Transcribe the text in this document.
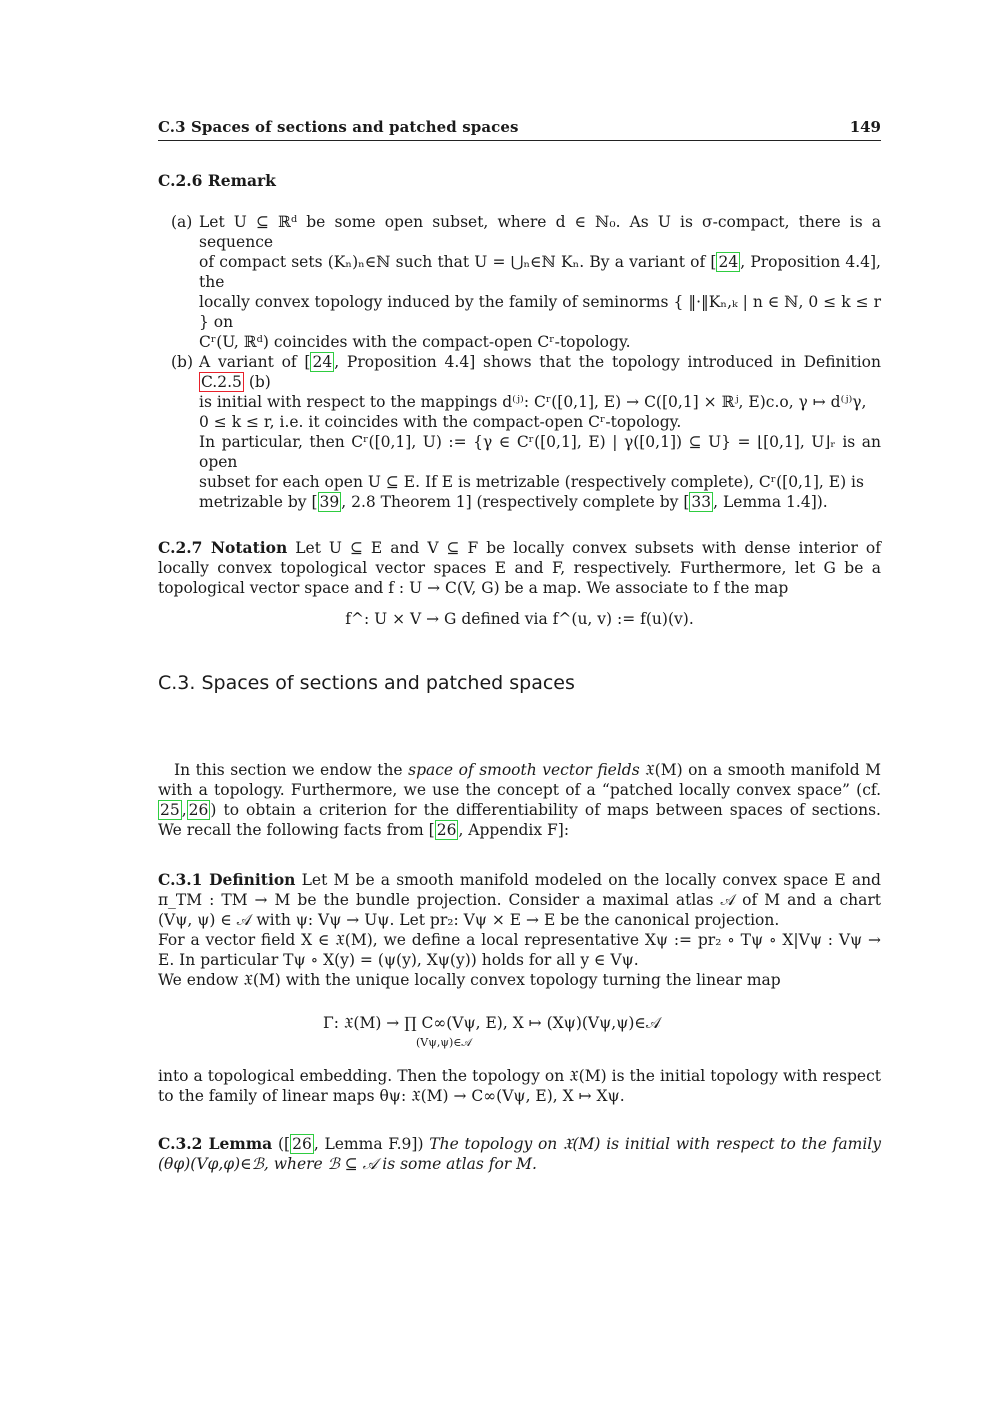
C.3 Spaces of sections and patched spaces	149
C.2.6 Remark
(a) Let U ⊆ ℝᵈ be some open subset, where d ∈ ℕ₀. As U is σ-compact, there is a sequence
of compact sets (Kₙ)ₙ∈ℕ such that U = ⋃ₙ∈ℕ Kₙ. By a variant of [ 24 , Proposition 4.4], the
locally convex topology induced by the family of seminorms { ‖·‖Kₙ,ₖ | n ∈ ℕ, 0 ≤ k ≤ r } on
Cʳ(U, ℝᵈ) coincides with the compact-open Cʳ-topology.
(b) A variant of [ 24 , Proposition 4.4] shows that the topology introduced in Definition C.2.5 (b)
is initial with respect to the mappings d⁽ʲ⁾: Cʳ([0,1], E) → C([0,1] × ℝʲ, E)c.o, γ ↦ d⁽ʲ⁾γ,
0 ≤ k ≤ r, i.e. it coincides with the compact-open Cʳ-topology.
In particular, then Cʳ([0,1], U) := {γ ∈ Cʳ([0,1], E) | γ([0,1]) ⊆ U} = ⌊[0,1], U⌋ᵣ is an open
subset for each open U ⊆ E. If E is metrizable (respectively complete), Cʳ([0,1], E) is
metrizable by [ 39 , 2.8 Theorem 1] (respectively complete by [ 33 , Lemma 1.4]).

C.2.7 Notation Let U ⊆ E and V ⊆ F be locally convex subsets with dense interior of locally convex topological vector spaces E and F, respectively. Furthermore, let G be a topological vector space and f : U → C(V, G) be a map. We associate to f the map

f^: U × V → G defined via f^(u, v) := f(u)(v).
C.3. Spaces of sections and patched spaces

In this section we endow the space of smooth vector fields 𝔛(M) on a smooth manifold M with a topology. Furthermore, we use the concept of a “patched locally convex space” (cf. 25 , 26 ) to obtain a criterion for the differentiability of maps between spaces of sections. We recall the following facts from [ 26 , Appendix F]:

C.3.1 Definition Let M be a smooth manifold modeled on the locally convex space E and π_TM : TM → M be the bundle projection. Consider a maximal atlas 𝒜 of M and a chart (Vψ, ψ) ∈ 𝒜 with ψ: Vψ → Uψ. Let pr₂: Vψ × E → E be the canonical projection.

For a vector field X ∈ 𝔛(M), we define a local representative Xψ := pr₂ ∘ Tψ ∘ X|Vψ : Vψ → E. In particular Tψ ∘ X(y) = (ψ(y), Xψ(y)) holds for all y ∈ Vψ.

We endow 𝔛(M) with the unique locally convex topology turning the linear map

Γ: 𝔛(M) → ∏ C∞(Vψ, E), X ↦ (Xψ)(Vψ,ψ)∈𝒜
(Vψ,ψ)∈𝒜

into a topological embedding. Then the topology on 𝔛(M) is the initial topology with respect to the family of linear maps θψ: 𝔛(M) → C∞(Vψ, E), X ↦ Xψ.

C.3.2 Lemma ([ 26 , Lemma F.9]) The topology on 𝔛(M) is initial with respect to the family (θφ)(Vφ,φ)∈ℬ, where ℬ ⊆ 𝒜 is some atlas for M.
